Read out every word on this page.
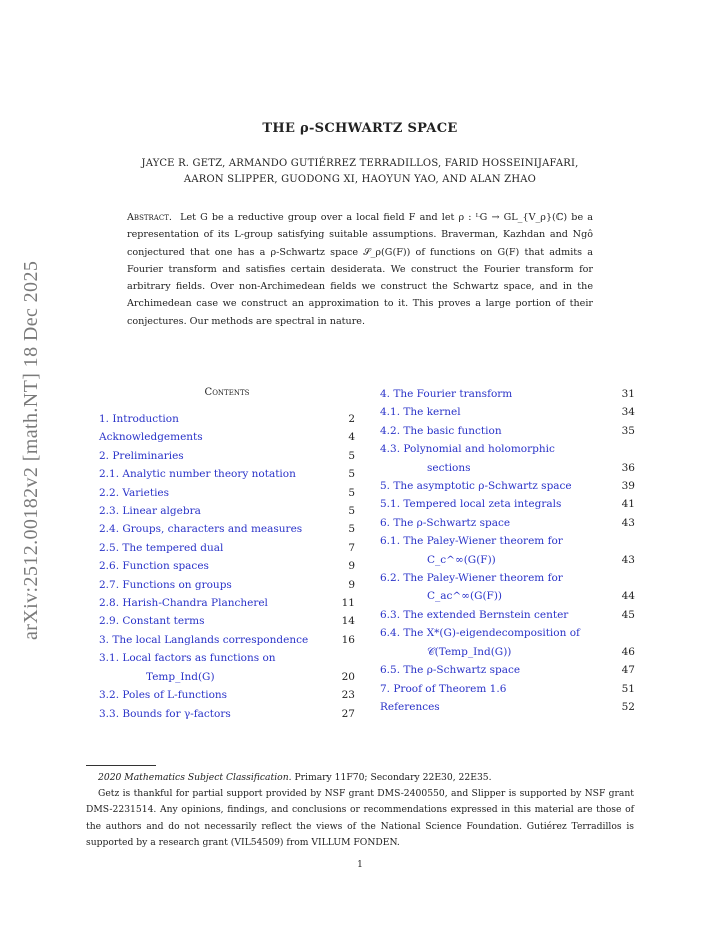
arXiv:2512.00182v2 [math.NT] 18 Dec 2025
THE ρ-SCHWARTZ SPACE
JAYCE R. GETZ, ARMANDO GUTIÉRREZ TERRADILLOS, FARID HOSSEINIJAFARI,
AARON SLIPPER, GUODONG XI, HAOYUN YAO, AND ALAN ZHAO
Abstract. Let G be a reductive group over a local field F and let ρ : ᴸG → GL_{V_ρ}(ℂ) be a representation of its L-group satisfying suitable assumptions. Braverman, Kazhdan and Ngô conjectured that one has a ρ-Schwartz space 𝒮_ρ(G(F)) of functions on G(F) that admits a Fourier transform and satisfies certain desiderata. We construct the Fourier transform for arbitrary fields. Over non-Archimedean fields we construct the Schwartz space, and in the Archimedean case we construct an approximation to it. This proves a large portion of their conjectures. Our methods are spectral in nature.
Contents
1. Introduction	2
Acknowledgements	4
2. Preliminaries	5
2.1. Analytic number theory notation	5
2.2. Varieties	5
2.3. Linear algebra	5
2.4. Groups, characters and measures	5
2.5. The tempered dual	7
2.6. Function spaces	9
2.7. Functions on groups	9
2.8. Harish-Chandra Plancherel	11
2.9. Constant terms	14
3. The local Langlands correspondence	16
3.1. Local factors as functions on
Temp_Ind(G)	20
3.2. Poles of L-functions	23
3.3. Bounds for γ-factors	27
4. The Fourier transform	31
4.1. The kernel	34
4.2. The basic function	35
4.3. Polynomial and holomorphic
sections	36
5. The asymptotic ρ-Schwartz space	39
5.1. Tempered local zeta integrals	41
6. The ρ-Schwartz space	43
6.1. The Paley-Wiener theorem for
C_c^∞(G(F))	43
6.2. The Paley-Wiener theorem for
C_ac^∞(G(F))	44
6.3. The extended Bernstein center	45
6.4. The X*(G)-eigendecomposition of
𝒞(Temp_Ind(G))	46
6.5. The ρ-Schwartz space	47
7. Proof of Theorem 1.6	51
References	52

2020 Mathematics Subject Classification. Primary 11F70; Secondary 22E30, 22E35.

Getz is thankful for partial support provided by NSF grant DMS-2400550, and Slipper is supported by NSF grant DMS-2231514. Any opinions, findings, and conclusions or recommendations expressed in this material are those of the authors and do not necessarily reflect the views of the National Science Foundation. Gutiérez Terradillos is supported by a research grant (VIL54509) from VILLUM FONDEN.

1
